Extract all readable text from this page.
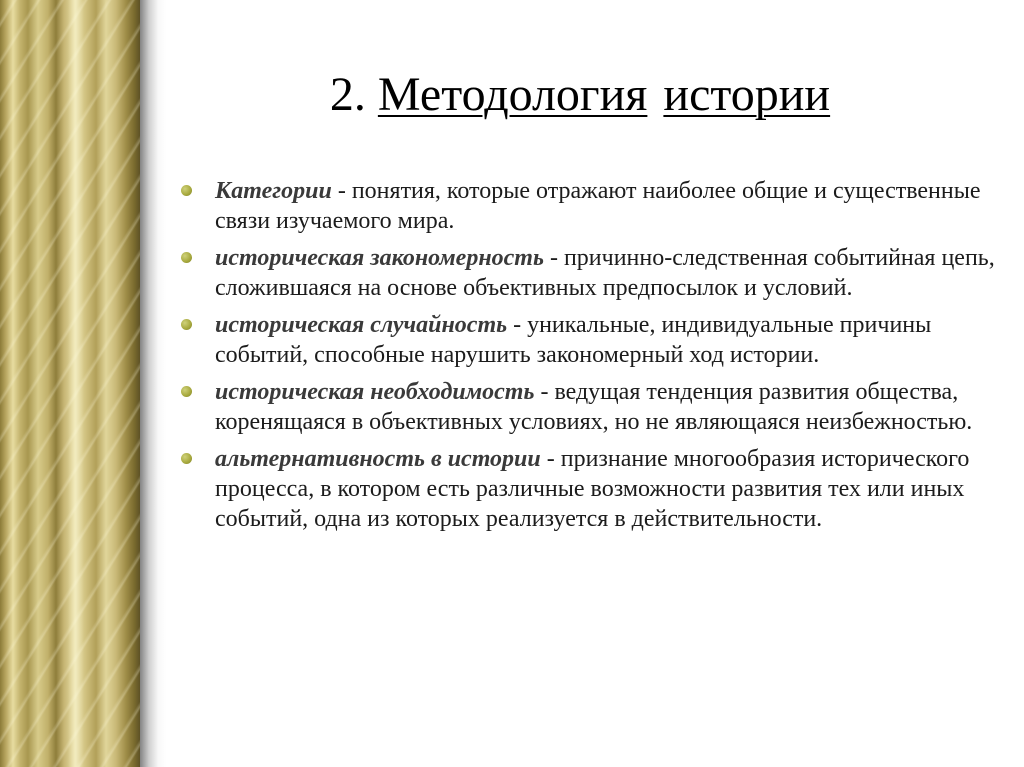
2. Методология истории
Категории - понятия, которые отражают наиболее общие и существенные связи изучаемого мира.
историческая закономерность - причинно-следственная событийная цепь, сложившаяся на основе объективных предпосылок и условий.
историческая случайность - уникальные, индивидуальные причины событий, способные нарушить закономерный ход истории.
историческая необходимость - ведущая тенденция развития общества, коренящаяся в объективных условиях, но не являющаяся неизбежностью.
альтернативность в истории - признание многообразия исторического процесса, в котором есть различные возможности развития тех или иных событий, одна из которых реализуется в действительности.
